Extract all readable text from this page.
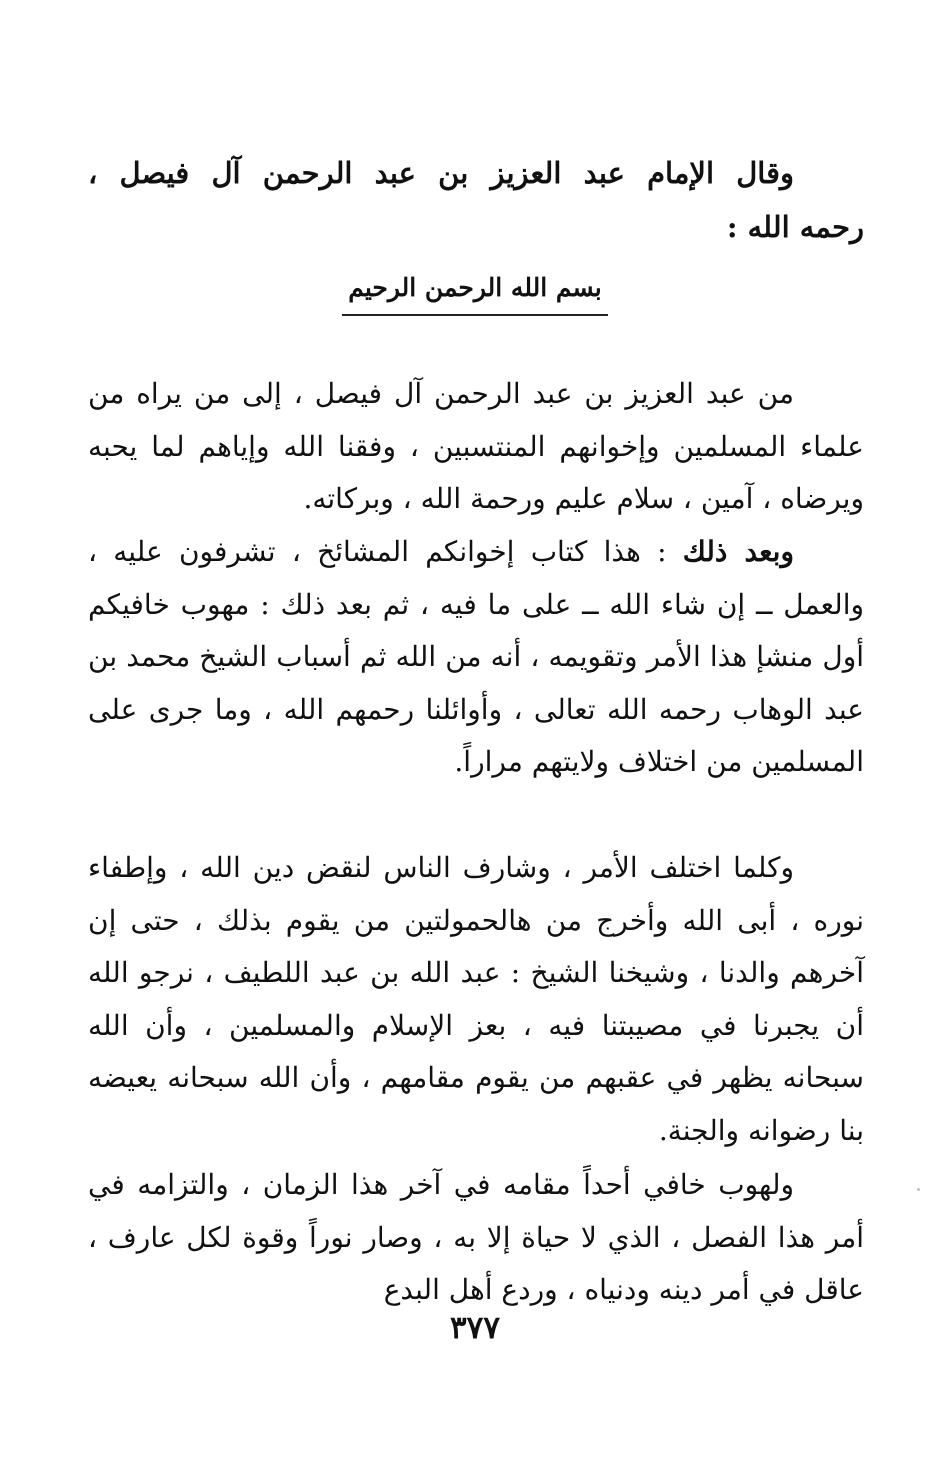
وقال الإمام عبد العزيز بن عبد الرحمن آل فيصل ،
رحمه الله :
بسم الله الرحمن الرحيم

من عبد العزيز بن عبد الرحمن آل فيصل ، إلى من يراه من علماء المسلمين وإخوانهم المنتسبين ، وفقنا الله وإياهم لما يحبه ويرضاه ، آمين ، سلام عليم ورحمة الله ، وبركاته.

وبعد ذلك : هذا كتاب إخوانكم المشائخ ، تشرفون عليه ، والعمل ــ إن شاء الله ــ على ما فيه ، ثم بعد ذلك : مهوب خافيكم أول منشإ هذا الأمر وتقويمه ، أنه من الله ثم أسباب الشيخ محمد بن عبد الوهاب رحمه الله تعالى ، وأوائلنا رحمهم الله ، وما جرى على المسلمين من اختلاف ولايتهم مراراً.

وكلما اختلف الأمر ، وشارف الناس لنقض دين الله ، وإطفاء نوره ، أبى الله وأخرج من هالحمولتين من يقوم بذلك ، حتى إن آخرهم والدنا ، وشيخنا الشيخ : عبد الله بن عبد اللطيف ، نرجو الله أن يجبرنا في مصيبتنا فيه ، بعز الإسلام والمسلمين ، وأن الله سبحانه يظهر في عقبهم من يقوم مقامهم ، وأن الله سبحانه يعيضه بنا رضوانه والجنة.

ولهوب خافي أحداً مقامه في آخر هذا الزمان ، والتزامه في أمر هذا الفصل ، الذي لا حياة إلا به ، وصار نوراً وقوة لكل عارف ، عاقل في أمر دينه ودنياه ، وردع أهل البدع

٣٧٧
